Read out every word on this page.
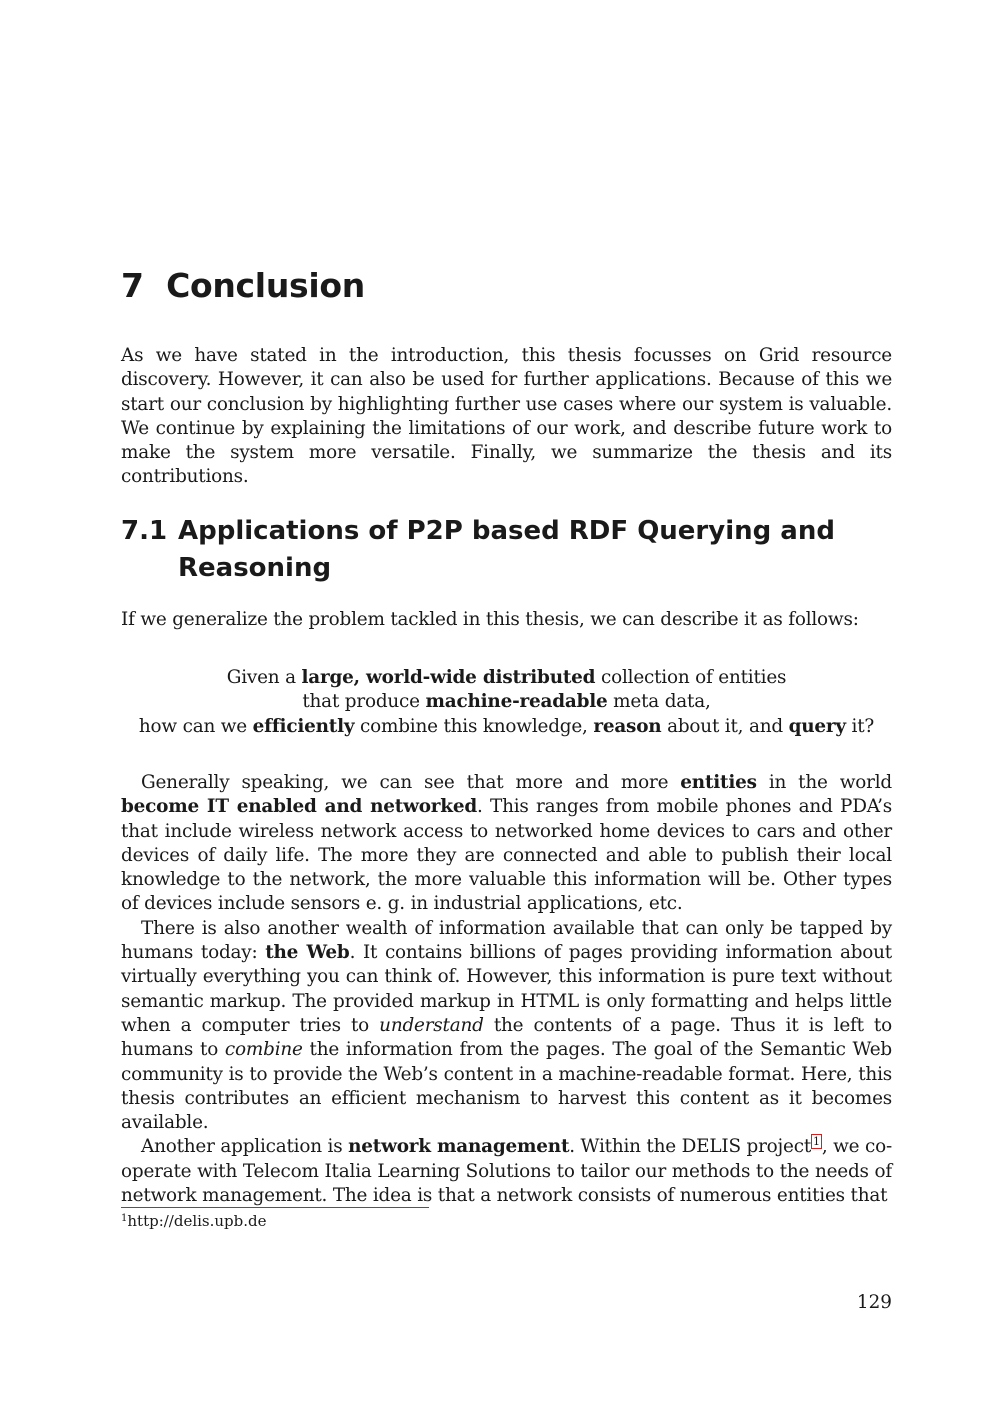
7 Conclusion

As we have stated in the introduction, this thesis focusses on Grid resource discovery. However, it can also be used for further applications. Because of this we start our conclusion by highlighting further use cases where our system is valuable. We continue by explaining the limitations of our work, and describe future work to make the system more versatile. Finally, we summarize the thesis and its contributions.

7.1 Applications of P2P based RDF Querying and Reasoning

If we generalize the problem tackled in this thesis, we can describe it as follows:

Given a large, world-wide distributed collection of entities

that produce machine-readable meta data,

how can we efficiently combine this knowledge, reason about it, and query it?

Generally speaking, we can see that more and more entities in the world become IT enabled and networked. This ranges from mobile phones and PDA’s that include wireless network access to networked home devices to cars and other devices of daily life. The more they are connected and able to publish their local knowledge to the network, the more valuable this information will be. Other types of devices include sensors e. g. in industrial applications, etc.

There is also another wealth of information available that can only be tapped by humans today: the Web. It contains billions of pages providing information about virtually everything you can think of. However, this information is pure text without semantic markup. The provided markup in HTML is only formatting and helps little when a computer tries to understand the contents of a page. Thus it is left to humans to combine the information from the pages. The goal of the Semantic Web community is to provide the Web’s content in a machine-readable format. Here, this thesis contributes an efficient mechanism to harvest this content as it becomes available.

Another application is network management. Within the DELIS project $^1$ , we co-operate with Telecom Italia Learning Solutions to tailor our methods to the needs of network management. The idea is that a network consists of numerous entities that

$^1$http://delis.upb.de
129
